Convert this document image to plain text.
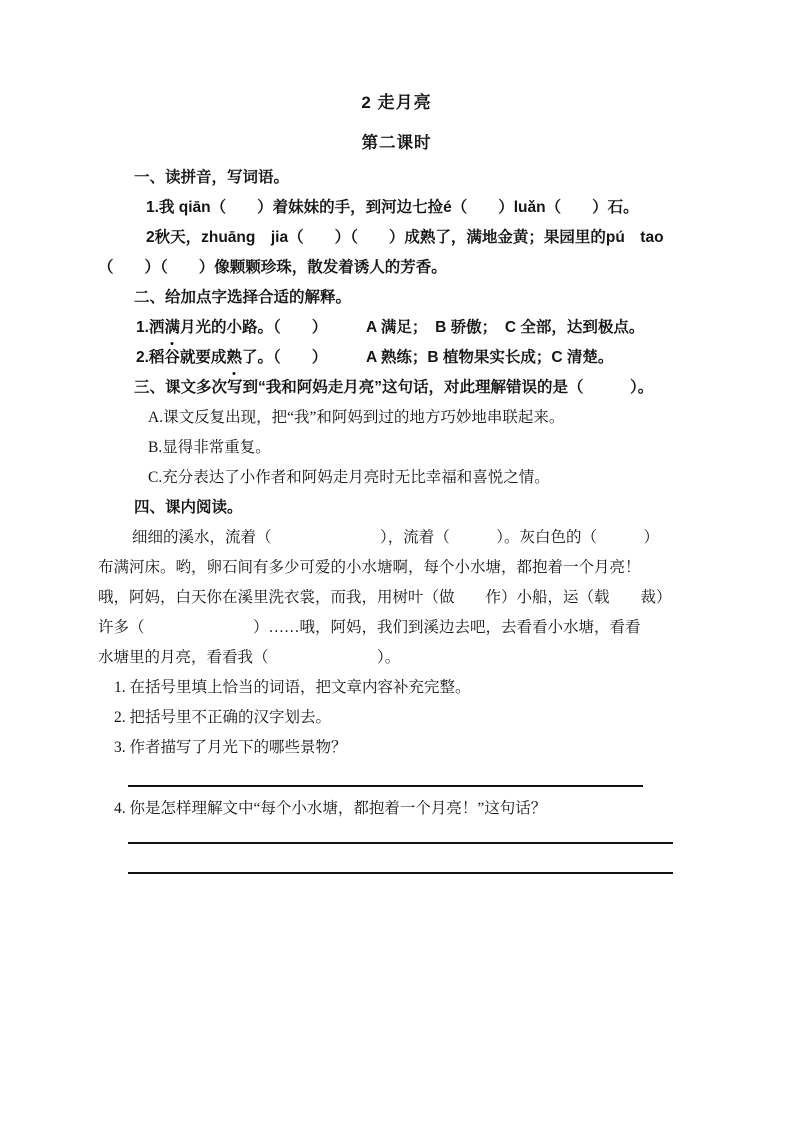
2 走月亮
第二课时
一、读拼音，写词语。
1.我 qiān（　　）着妹妹的手，到河边七捡é（　　）luǎn（　　）石。
2秋天，zhuāng　jia（　　）（　　）成熟了，满地金黄；果园里的pú　tao
（　　）（　　）像颗颗珍珠，散发着诱人的芳香。
二、给加点字选择合适的解释。
1.洒满月光的小路。（　　）　　　A 满足；　B 骄傲；　C 全部，达到极点。
2.稻谷就要成熟了。（　　）　　　A 熟练；B 植物果实长成；C 清楚。
三、课文多次写到“我和阿妈走月亮”这句话，对此理解错误的是（　　　）。
A.课文反复出现，把“我”和阿妈到过的地方巧妙地串联起来。
B.显得非常重复。
C.充分表达了小作者和阿妈走月亮时无比幸福和喜悦之情。
四、课内阅读。
细细的溪水，流着（　　　　　　　），流着（　　　）。灰白色的（　　　）
布满河床。哟，卵石间有多少可爱的小水塘啊，每个小水塘，都抱着一个月亮！
哦，阿妈，白天你在溪里洗衣裳，而我，用树叶（做　　作）小船，运（载　　裁）
许多（　　　　　　　）……哦，阿妈，我们到溪边去吧，去看看小水塘，看看
水塘里的月亮，看看我（　　　　　　　）。
1. 在括号里填上恰当的词语，把文章内容补充完整。
2. 把括号里不正确的汉字划去。
3. 作者描写了月光下的哪些景物？
4. 你是怎样理解文中“每个小水塘，都抱着一个月亮！”这句话？
